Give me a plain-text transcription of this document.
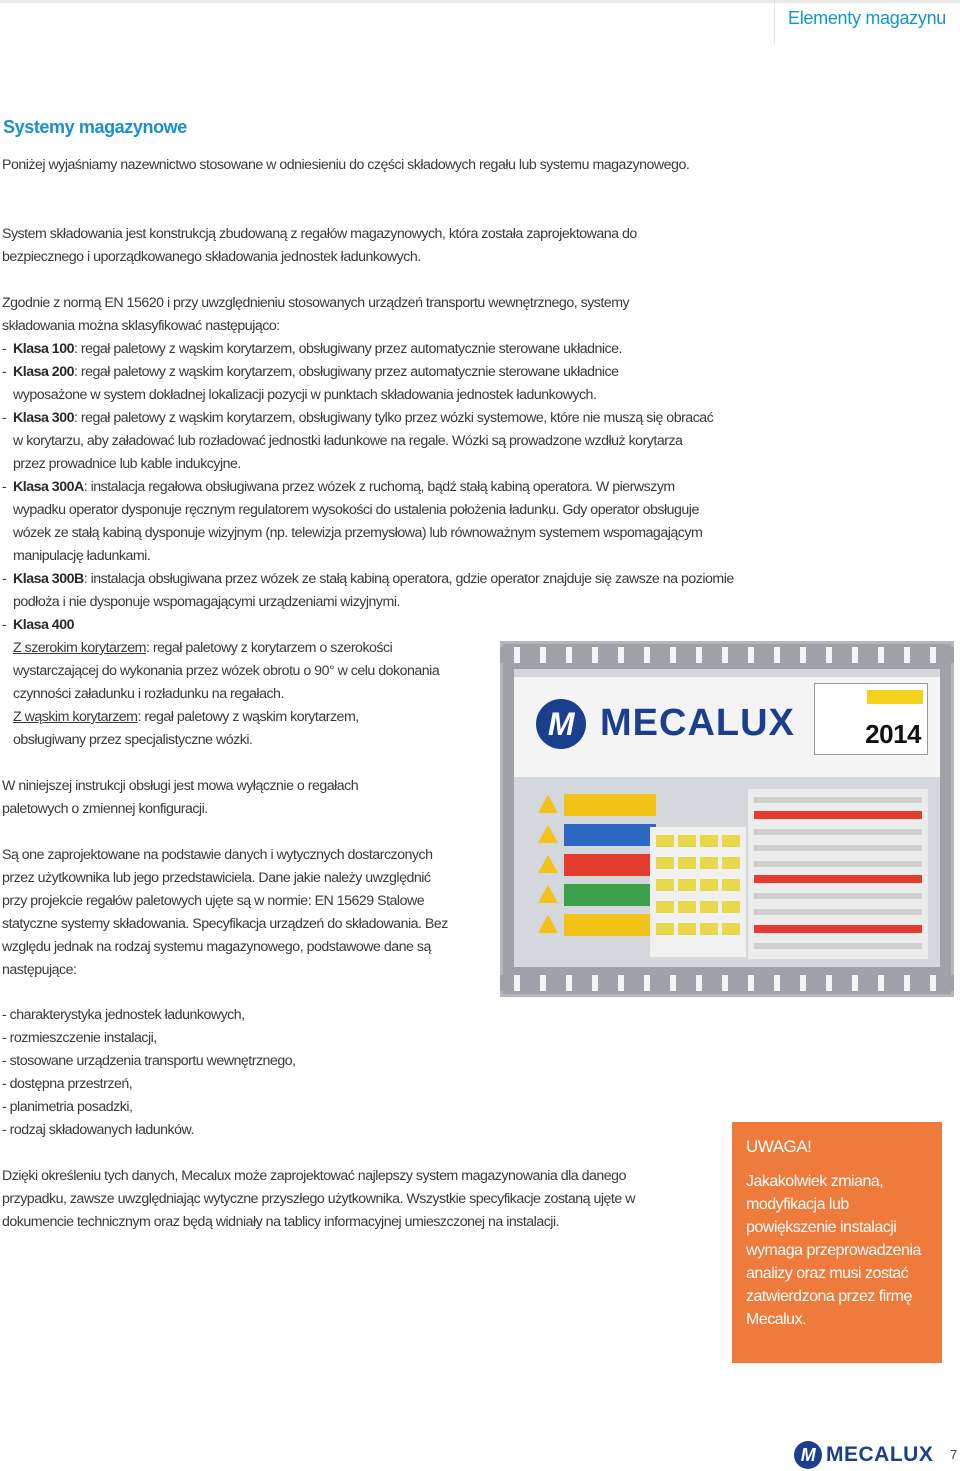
Elementy magazynu
Systemy magazynowe

Poniżej wyjaśniamy nazewnictwo stosowane w odniesieniu do części składowych regału lub systemu magazynowego.

System składowania jest konstrukcją zbudowaną z regałów magazynowych, która została zaprojektowana do bezpiecznego i uporządkowanego składowania jednostek ładunkowych.

Zgodnie z normą EN 15620 i przy uwzględnieniu stosowanych urządzeń transportu wewnętrznego, systemy składowania można sklasyfikować następująco:

- Klasa 100: regał paletowy z wąskim korytarzem, obsługiwany przez automatycznie sterowane układnice.
- Klasa 200: regał paletowy z wąskim korytarzem, obsługiwany przez automatycznie sterowane układnice wyposażone w system dokładnej lokalizacji pozycji w punktach składowania jednostek ładunkowych.
- Klasa 300: regał paletowy z wąskim korytarzem, obsługiwany tylko przez wózki systemowe, które nie muszą się obracać w korytarzu, aby załadować lub rozładować jednostki ładunkowe na regale. Wózki są prowadzone wzdłuż korytarza przez prowadnice lub kable indukcyjne.
- Klasa 300A: instalacja regałowa obsługiwana przez wózek z ruchomą, bądź stałą kabiną operatora. W pierwszym wypadku operator dysponuje ręcznym regulatorem wysokości do ustalenia położenia ładunku. Gdy operator obsługuje wózek ze stałą kabiną dysponuje wizyjnym (np. telewizja przemysłowa) lub równoważnym systemem wspomagającym manipulację ładunkami.
- Klasa 300B: instalacja obsługiwana przez wózek ze stałą kabiną operatora, gdzie operator znajduje się zawsze na poziomie podłoża i nie dysponuje wspomagającymi urządzeniami wizyjnymi.
- Klasa 400
Z szerokim korytarzem: regał paletowy z korytarzem o szerokości wystarczającej do wykonania przez wózek obrotu o 90° w celu dokonania czynności załadunku i rozładunku na regałach.
Z wąskim korytarzem: regał paletowy z wąskim korytarzem, obsługiwany przez specjalistyczne wózki.	M MECALUX	2014

W niniejszej instrukcji obsługi jest mowa wyłącznie o regałach paletowych o zmiennej konfiguracji.

Są one zaprojektowane na podstawie danych i wytycznych dostarczonych przez użytkownika lub jego przedstawiciela. Dane jakie należy uwzględnić przy projekcie regałów paletowych ujęte są w normie: EN 15629 Stalowe statyczne systemy składowania. Specyfikacja urządzeń do składowania. Bez względu jednak na rodzaj systemu magazynowego, podstawowe dane są następujące:

- charakterystyka jednostek ładunkowych,
- rozmieszczenie instalacji,
- stosowane urządzenia transportu wewnętrznego,
- dostępna przestrzeń,
- planimetria posadzki,
- rodzaj składowanych ładunków.

Dzięki określeniu tych danych, Mecalux może zaprojektować najlepszy system magazynowania dla danego przypadku, zawsze uwzględniając wytyczne przyszłego użytkownika. Wszystkie specyfikacje zostaną ujęte w dokumencie technicznym oraz będą widniały na tablicy informacyjnej umieszczonej na instalacji.

UWAGA!
Jakakolwiek zmiana, modyfikacja lub powiększenie instalacji wymaga przeprowadzenia analizy oraz musi zostać zatwierdzona przez firmę Mecalux.
M MECALUX 7
